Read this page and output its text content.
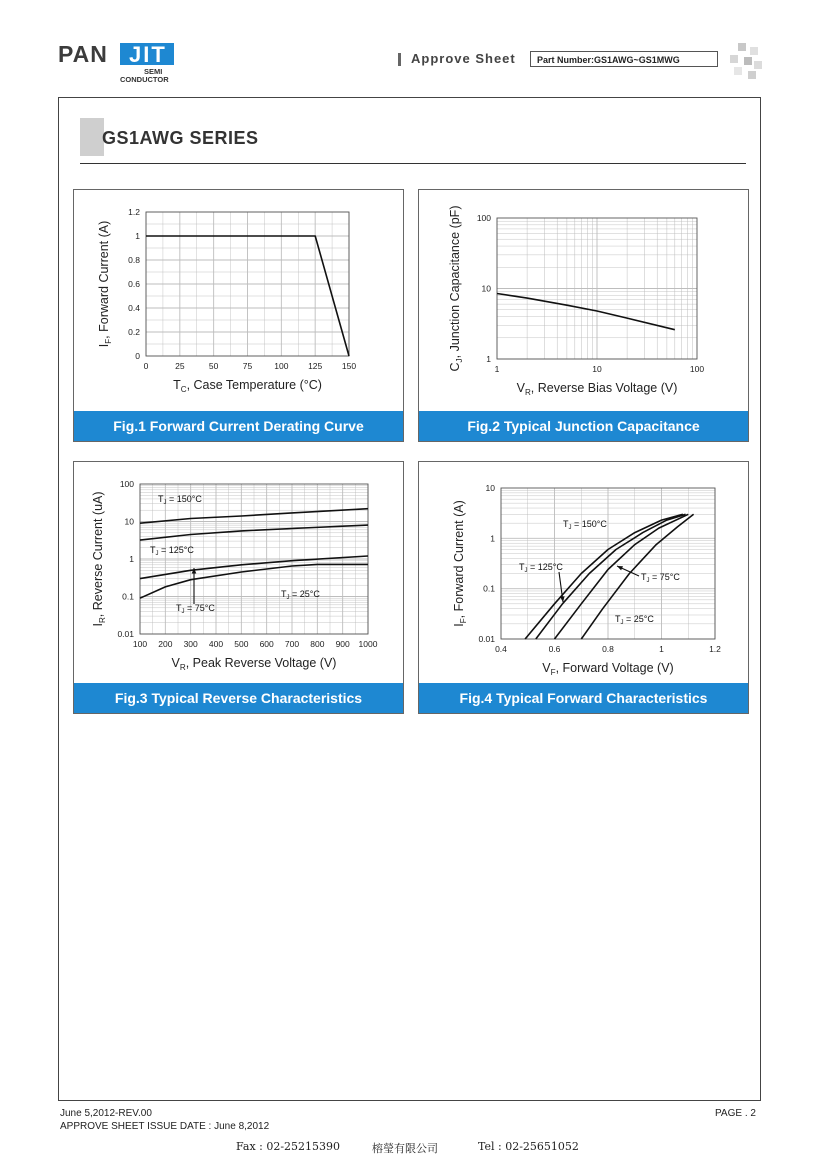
PAN JIT
SEMI
CONDUCTOR
Approve Sheet	Part Number:GS1AWG~GS1MWG
GS1AWG SERIES
0	25	50	75	100 125 150
0
0.2
0.4
0.6
0.8
1
1.2
$T_C$, Case Temperature (°C)
$I_F$, Forward Current (A)
Fig.1 Forward Current Derating Curve
1	10	100
1
10
100
$V_R$, Reverse Bias Voltage (V)
$C_J$, Junction Capacitance (pF)
Fig.2 Typical Junction Capacitance
100 200 300 400 500 600 700 800 900 1000
0.01
0.1
1
10
100
$V_R$, Peak Reverse Voltage (V)
$I_R$, Reverse Current (uA)	$T_J = 150^\circ C$
$T_J = 125^\circ C$
$T_J = 75^\circ C$
$T_J = 25^\circ C$
Fig.3 Typical Reverse Characteristics
0.4	0.6	0.8	1	1.2
0.01
0.1
1
10
$V_F$, Forward Voltage (V)
$I_F$, Forward Current (A)	$T_J = 150^\circ C$
$T_J = 125^\circ C$
$T_J = 75^\circ C$
$T_J = 25^\circ C$
Fig.4 Typical Forward Characteristics
June 5,2012-REV.00
APPROVE SHEET ISSUE DATE : June 8,2012
PAGE . 2
Fax : 02-25215390	榕瑩有限公司	Tel : 02-25651052
